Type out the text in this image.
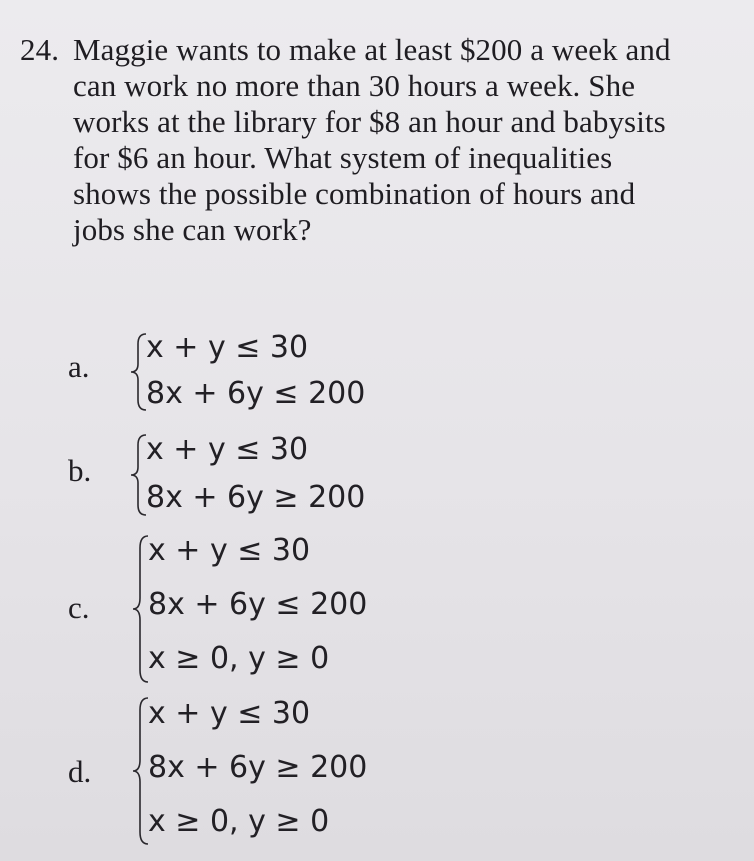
24. Maggie wants to make at least $200 a week and
can work no more than 30 hours a week. She
works at the library for $8 an hour and babysits
for $6 an hour. What system of inequalities
shows the possible combination of hours and
jobs she can work?
a.
x + y ≤ 30
8x + 6y ≤ 200
b.
x + y ≤ 30
8x + 6y ≥ 200
c.
x + y ≤ 30
8x + 6y ≤ 200
x ≥ 0, y ≥ 0
d.
x + y ≤ 30
8x + 6y ≥ 200
x ≥ 0, y ≥ 0
